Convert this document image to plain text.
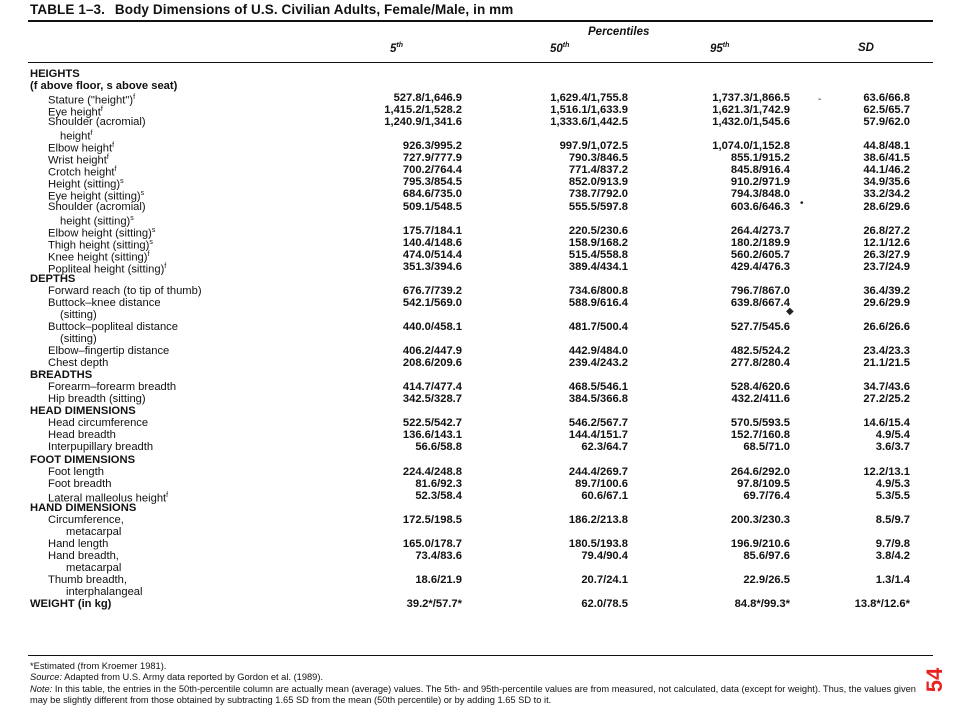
TABLE 1–3. Body Dimensions of U.S. Civilian Adults, Female/Male, in mm
Percentiles
5th	50th	95th	SD
HEIGHTS
(f above floor, s above seat)
Stature ("height")$^f$	527.8/1,646.9	1,629.4/1,755.8	1,737.3/1,866.5	63.6/66.8
Eye height$^f$	1,415.2/1,528.2	1,516.1/1,633.9	1,621.3/1,742.9	62.5/65.7
Shoulder (acromial)	1,240.9/1,341.6	1,333.6/1,442.5	1,432.0/1,545.6	57.9/62.0
height$^f$
Elbow height$^f$	926.3/995.2	997.9/1,072.5	1,074.0/1,152.8	44.8/48.1
Wrist height$^f$	727.9/777.9	790.3/846.5	855.1/915.2	38.6/41.5
Crotch height$^f$	700.2/764.4	771.4/837.2	845.8/916.4	44.1/46.2
Height (sitting)$^s$	795.3/854.5	852.0/913.9	910.2/971.9	34.9/35.6
Eye height (sitting)$^s$	684.6/735.0	738.7/792.0	794.3/848.0	33.2/34.2
Shoulder (acromial)	509.1/548.5	555.5/597.8	603.6/646.3	28.6/29.6
height (sitting)$^s$
Elbow height (sitting)$^s$	175.7/184.1	220.5/230.6	264.4/273.7	26.8/27.2
Thigh height (sitting)$^s$	140.4/148.6	158.9/168.2	180.2/189.9	12.1/12.6
Knee height (sitting)$^f$	474.0/514.4	515.4/558.8	560.2/605.7	26.3/27.9
Popliteal height (sitting)$^f$	351.3/394.6	389.4/434.1	429.4/476.3	23.7/24.9
DEPTHS
Forward reach (to tip of thumb)	676.7/739.2	734.6/800.8	796.7/867.0	36.4/39.2
Buttock–knee distance	542.1/569.0	588.9/616.4	639.8/667.4	29.6/29.9
(sitting)
Buttock–popliteal distance	440.0/458.1	481.7/500.4	527.7/545.6	26.6/26.6
(sitting)
Elbow–fingertip distance	406.2/447.9	442.9/484.0	482.5/524.2	23.4/23.3
Chest depth	208.6/209.6	239.4/243.2	277.8/280.4	21.1/21.5
BREADTHS
Forearm–forearm breadth	414.7/477.4	468.5/546.1	528.4/620.6	34.7/43.6
Hip breadth (sitting)	342.5/328.7	384.5/366.8	432.2/411.6	27.2/25.2
HEAD DIMENSIONS
Head circumference	522.5/542.7	546.2/567.7	570.5/593.5	14.6/15.4
Head breadth	136.6/143.1	144.4/151.7	152.7/160.8	4.9/5.4
Interpupillary breadth	56.6/58.8	62.3/64.7	68.5/71.0	3.6/3.7
FOOT DIMENSIONS
Foot length	224.4/248.8	244.4/269.7	264.6/292.0	12.2/13.1
Foot breadth	81.6/92.3	89.7/100.6	97.8/109.5	4.9/5.3
Lateral malleolus height$^f$	52.3/58.4	60.6/67.1	69.7/76.4	5.3/5.5
HAND DIMENSIONS
Circumference,	172.5/198.5	186.2/213.8	200.3/230.3	8.5/9.7
metacarpal
Hand length	165.0/178.7	180.5/193.8	196.9/210.6	9.7/9.8
Hand breadth,	73.4/83.6	79.4/90.4	85.6/97.6	3.8/4.2
metacarpal
Thumb breadth,	18.6/21.9	20.7/24.1	22.9/26.5	1.3/1.4
interphalangeal
WEIGHT (in kg)	39.2*/57.7*	62.0/78.5	84.8*/99.3*	13.8*/12.6*

*Estimated (from Kroemer 1981).

Source: Adapted from U.S. Army data reported by Gordon et al. (1989).

Note: In this table, the entries in the 50th-percentile column are actually mean (average) values. The 5th- and 95th-percentile values are from measured, not calculated, data (except for weight). Thus, the values given may be slightly different from those obtained by subtracting 1.65 SD from the mean (50th percentile) or by adding 1.65 SD to it.

54
-
•
◆
